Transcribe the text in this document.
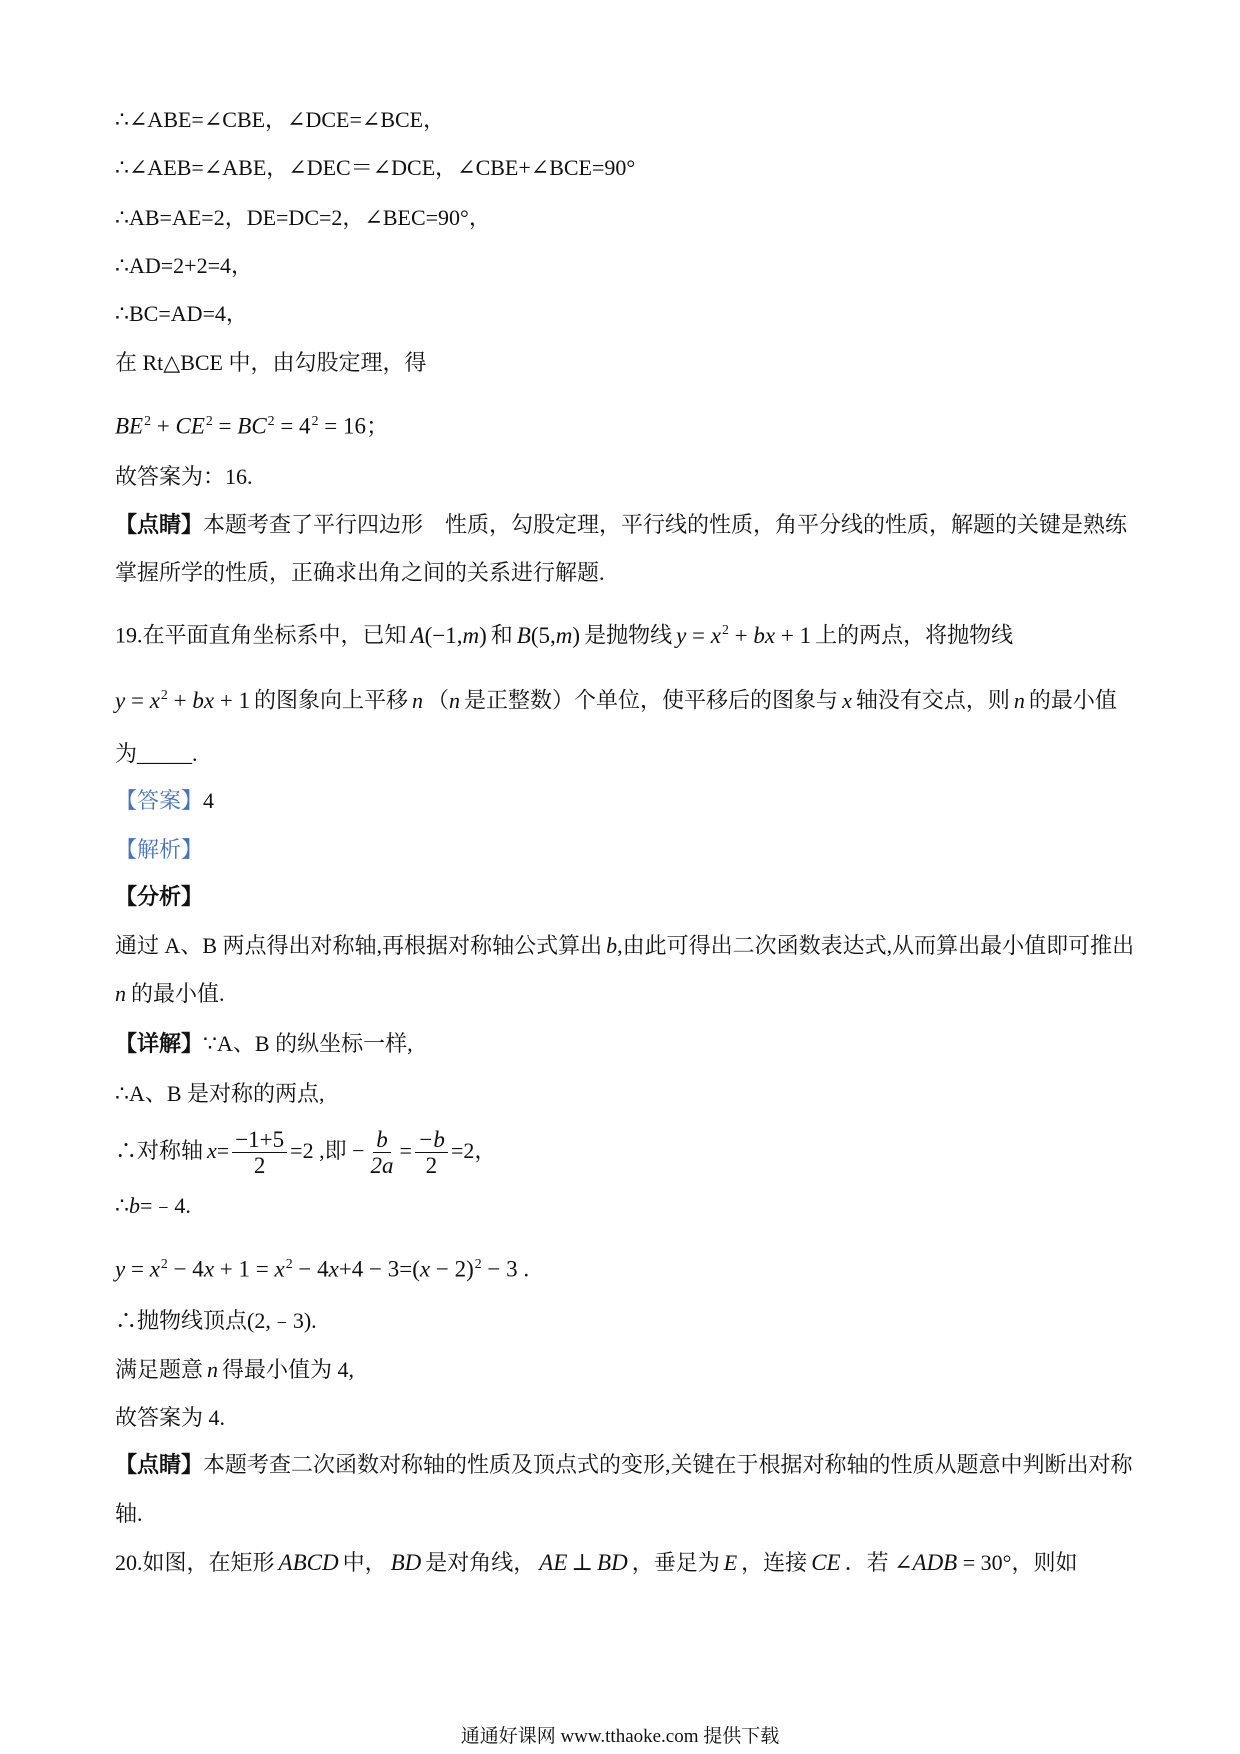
∴∠ABE=∠CBE，∠DCE=∠BCE，
∴∠AEB=∠ABE，∠DEC＝∠DCE，∠CBE+∠BCE=90°
∴AB=AE=2，DE=DC=2，∠BEC=90°，
∴AD=2+2=4，
∴BC=AD=4，
在 Rt△BCE 中，由勾股定理，得
$BE^2 + CE^2 = BC^2 = 4^2 = 16$；
故答案为：16.
【点睛】本题考查了平行四边形　性质，勾股定理，平行线的性质，角平分线的性质，解题的关键是熟练
掌握所学的性质，正确求出角之间的关系进行解题.
19.在平面直角坐标系中，已知 A(−1,m) 和 B(5,m) 是抛物线 $y = x^2$ + bx + 1 上的两点，将抛物线
$y = x^2$ + bx + 1 的图象向上平移 n （n 是正整数）个单位，使平移后的图象与 x 轴没有交点，则 n 的最小值
为_____.
【答案】4
【解析】
【分析】
通过 A、B 两点得出对称轴,再根据对称轴公式算出 b,由此可得出二次函数表达式,从而算出最小值即可推出
n 的最小值.
【详解】∵A、B 的纵坐标一样,
∴A、B 是对称的两点,
∴对称轴 $x= \frac{-1+5}{2} =2$ ,即 − $\frac{b}{2a} = \frac{-b}{2} =2$，
∴b=﹣4.
$y = x^2 - 4x + 1 = x^2 - 4x+4 - 3=(x - 2)^2 - 3$ .
∴抛物线顶点(2,﹣3).
满足题意 n 得最小值为 4,
故答案为 4.
【点睛】本题考查二次函数对称轴的性质及顶点式的变形,关键在于根据对称轴的性质从题意中判断出对称
轴.
20.如图，在矩形 ABCD 中， BD 是对角线， AE ⊥ BD ，垂足为 E ，连接 CE ．若 ∠ADB = 30°，则如
通通好课网 www.tthaoke.com 提供下载
